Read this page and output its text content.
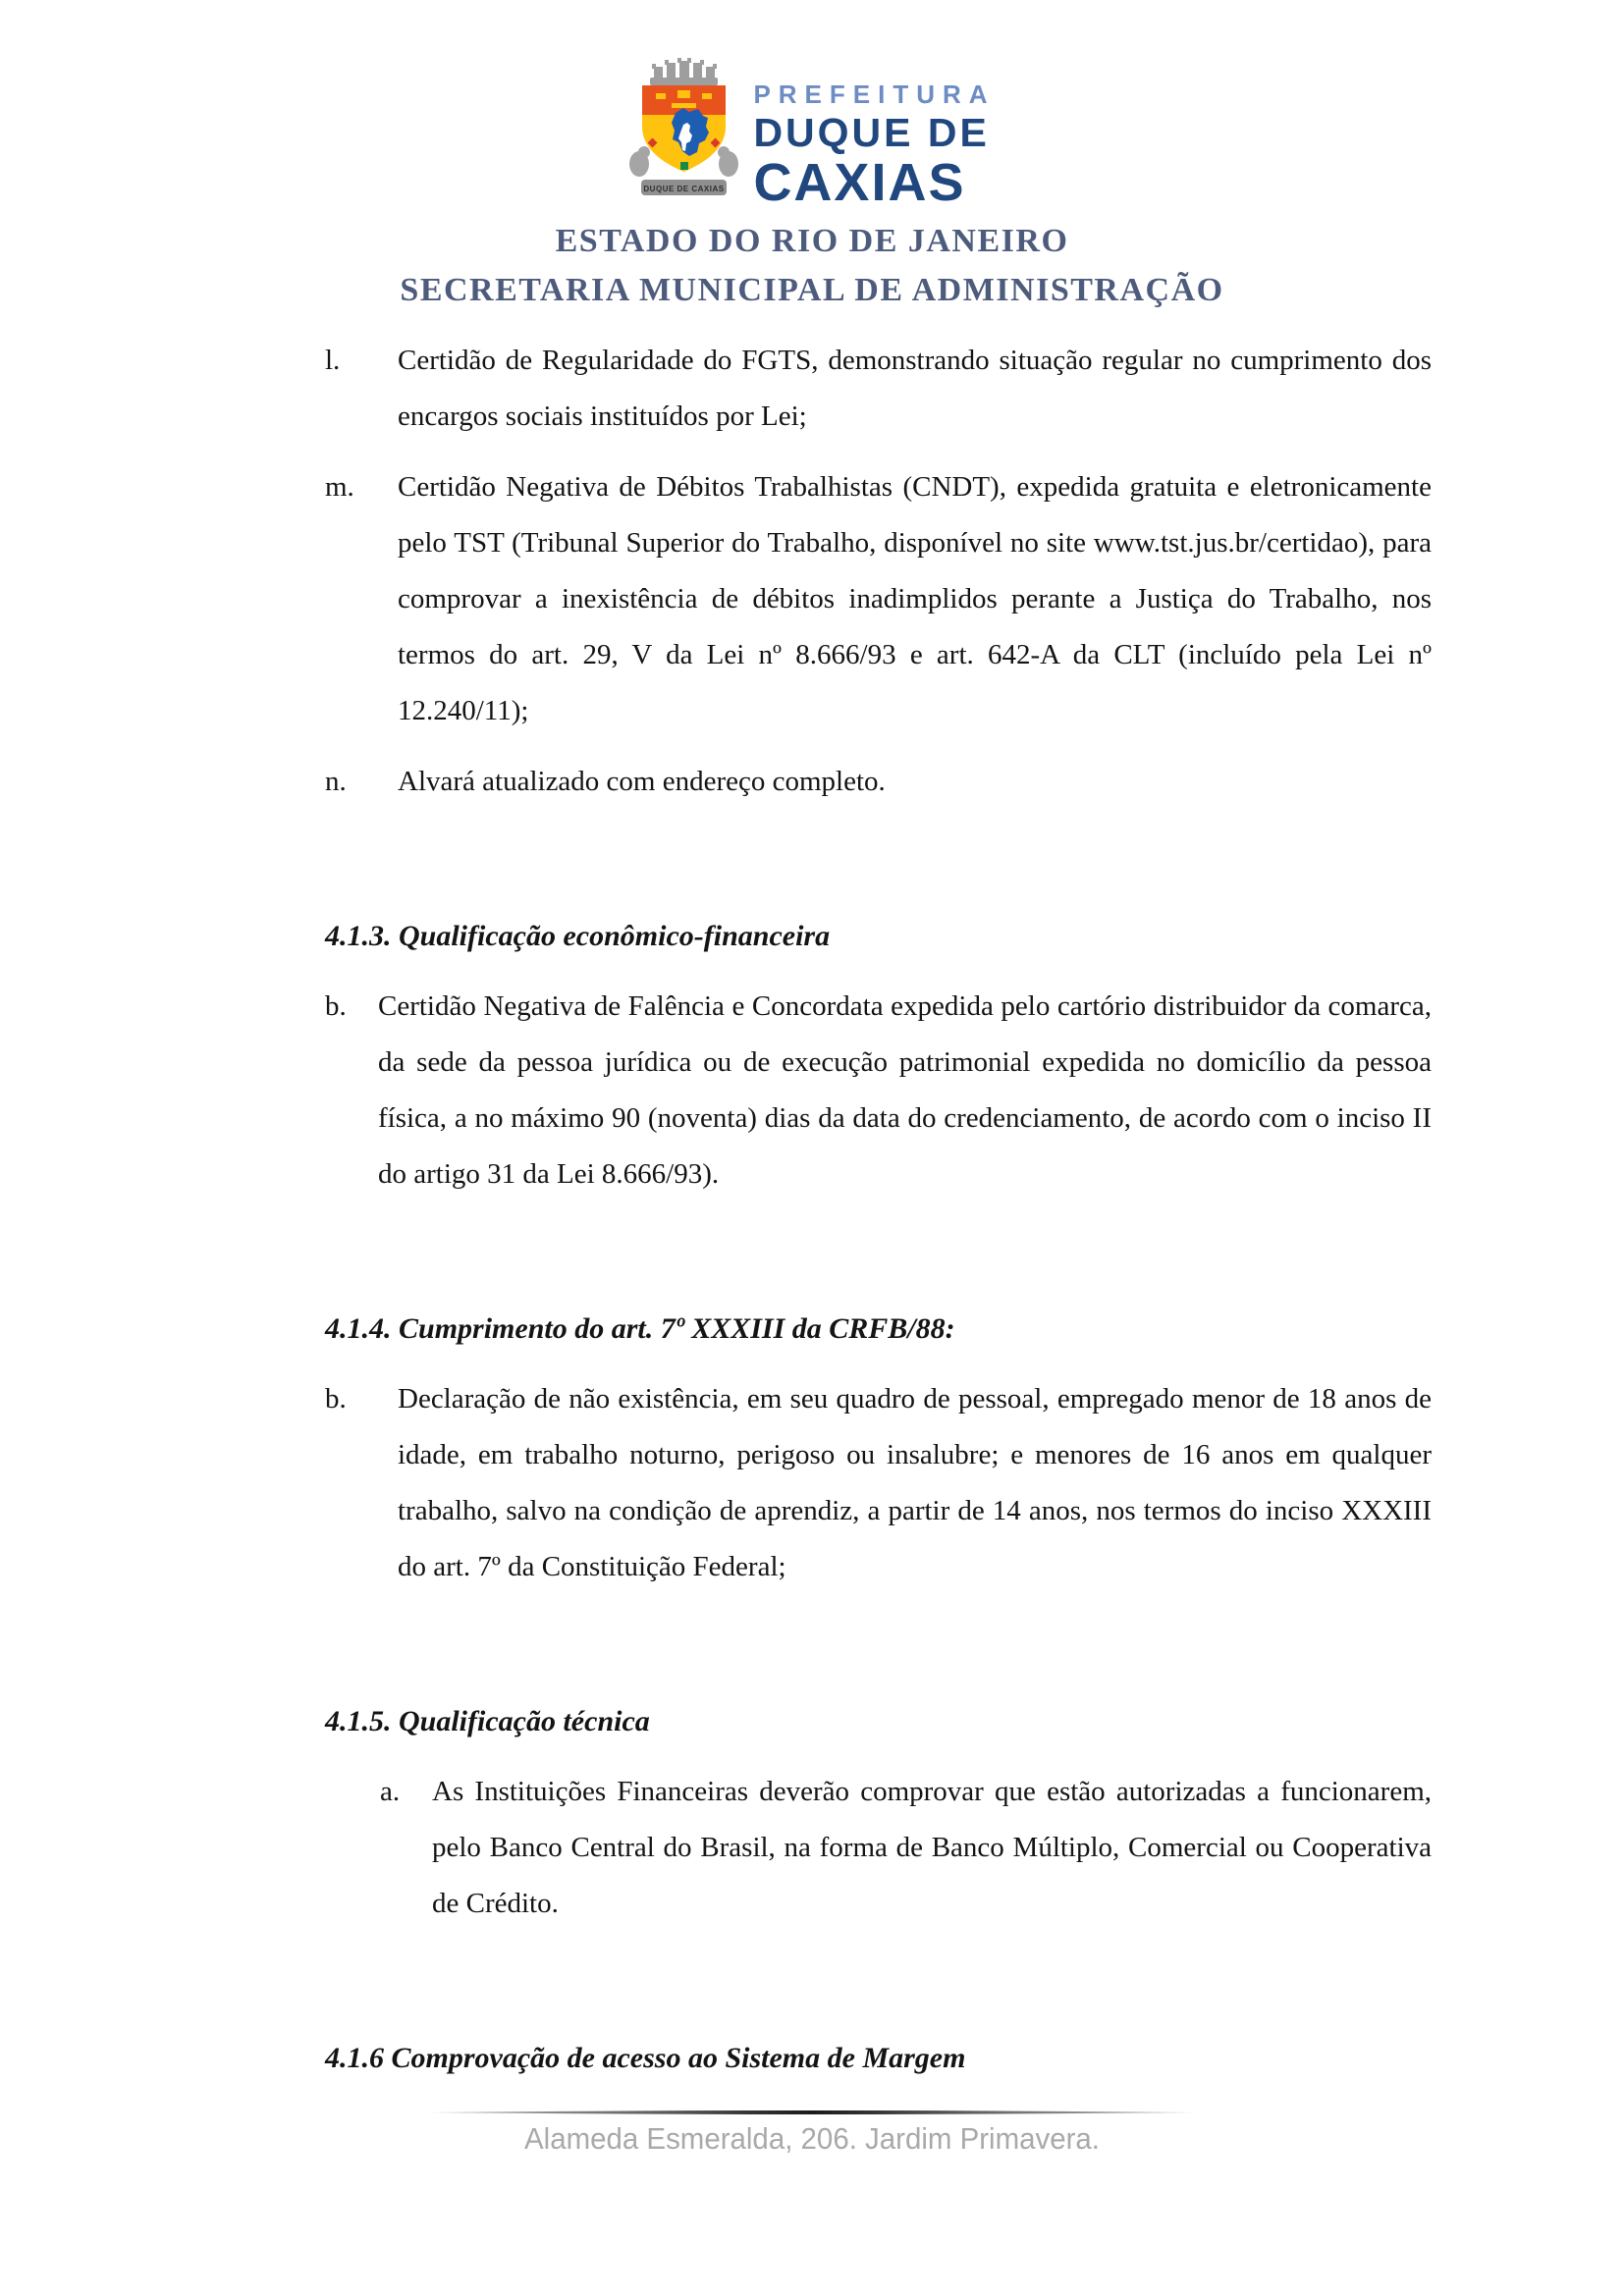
DUQUE DE CAXIAS
PREFEITURA
DUQUE DE
CAXIAS
ESTADO DO RIO DE JANEIRO
SECRETARIA MUNICIPAL DE ADMINISTRAÇÃO
l.	Certidão de Regularidade do FGTS, demonstrando situação regular no cumprimento dos encargos sociais instituídos por Lei;

m.	Certidão Negativa de Débitos Trabalhistas (CNDT), expedida gratuita e eletronicamente pelo TST (Tribunal Superior do Trabalho, disponível no site www.tst.jus.br/certidao), para comprovar a inexistência de débitos inadimplidos perante a Justiça do Trabalho, nos termos do art. 29, V da Lei nº 8.666/93 e art. 642-A da CLT (incluído pela Lei nº 12.240/11);

n.	Alvará atualizado com endereço completo.

4.1.3. Qualificação econômico-financeira
b.	Certidão Negativa de Falência e Concordata expedida pelo cartório distribuidor da comarca, da sede da pessoa jurídica ou de execução patrimonial expedida no domicílio da pessoa física, a no máximo 90 (noventa) dias da data do credenciamento, de acordo com o inciso II do artigo 31 da Lei 8.666/93).

4.1.4. Cumprimento do art. 7º XXXIII da CRFB/88:
b.	Declaração de não existência, em seu quadro de pessoal, empregado menor de 18 anos de idade, em trabalho noturno, perigoso ou insalubre; e menores de 16 anos em qualquer trabalho, salvo na condição de aprendiz, a partir de 14 anos, nos termos do inciso XXXIII do art. 7º da Constituição Federal;

4.1.5. Qualificação técnica
a.	As Instituições Financeiras deverão comprovar que estão autorizadas a funcionarem, pelo Banco Central do Brasil, na forma de Banco Múltiplo, Comercial ou Cooperativa de Crédito.

4.1.6 Comprovação de acesso ao Sistema de Margem
Alameda Esmeralda, 206. Jardim Primavera.
